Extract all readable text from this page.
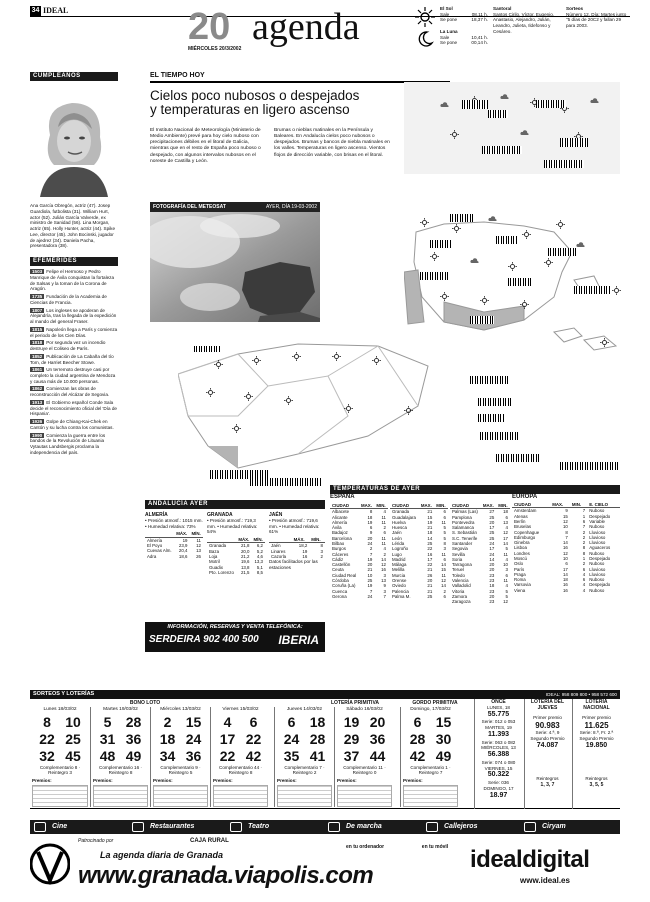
34 IDEAL	20 agenda
MIÉRCOLES 20/3/2002
El Sol
Sale	08,11 h.
Se pone	18,37 h.
La Luna
Sale	10,41 h.
Se pone	00,14 h.
Santoral
Santos Cirilo, Víctor, Eugenio, Anastasio, Alejandro, Julián, Leandro, Julieta, Ildefonso y Cesáreo.
Sorteos
Número 12. Día: Martes junto "5 días de 20C2 y fallan 29 para 2003.
CUMPLEAÑOS
Ana García Obregón, actriz (47). Josep Guardiola, futbolista (31). William Hurt, actor (52). Julián García Valverde, ex ministro de Sanidad (56). Lina Morgan, actriz (65). Holly Hunter, actriz (44). Spike Lee, director (45). John Bocinski, jugador de ajedrez (34). Daniela Pacha, presentadora (38).
EFEMÉRIDES
1503 Felipe el Hermoso y Pedro Manrique de Ávila conquistan la fortaleza de Salsas y la toman de la Corona de Aragón.
1735 Fundación de la Academia de Ciencias de Francia.
1807 Los ingleses se apoderan de Alejandría, tras la llegada de la expedición al mando del general Fraser.
1815 Napoleón llega a París y comienza el periodo de los Cien Días.
1818 Por segunda vez un incendio destruye el Coliseo de París.
1852 Publicación de La Cabaña del tío Tom, de Harriet Beecher Stowe.
1861 Un terremoto destruye casi por completo la ciudad argentina de Mendoza y causa más de 10.000 personas.
1862 Comienzan las obras de reconstrucción del Alcázar de Segovia.
1913 El Gobierno español Conde Sala decide el reconocimiento oficial del 'Día de Hispania'.
1926 Golpe de Chiang-Kai-Chek en Cantón y su lucha contra los comunistas.
1990 Comienza la guerra entre los bandos de la Revolución de Lituania Vytautas Landsbergis proclama la independencia del país.
EL TIEMPO HOY
Cielos poco nubosos o despejados y temperaturas en ligero ascenso
El Instituto Nacional de Meteorología (Ministerio de Medio Ambiente) prevé para hoy cielo nuboso con precipitaciones débiles en el litoral de Galicia, mientras que en el resto de España poco nuboso o despejado, con algunos intervalos nubosos en el noreste de Castilla y León.
Brumas o nieblas matinales en la Península y Baleares. En Andalucía cielos poco nubosos o despejados. Brumas y bancos de niebla matinales en los valles. Temperaturas en ligero ascenso. Vientos flojos de dirección variable, con brisas en el litoral.
FOTOGRAFÍA DEL METEOSAT	AYER, DÍA 19-03-2002
ANDALUCÍA AYER
ALMERÍA
• Presión atmosf.: 1015 mm. • Humedad relativa: 73%
	MÁX.	MÍN.
Almería	19	11
El Poyo	23,9	12
Cuevas Alm.	20,4	13
Adra	18,6	26
GRANADA
• Presión atmosf.: 719,3 mm. • Humedad relativa: 54%
	MÁX.	MÍN.
Granada	21,8	6,2
Baza	20,0	5,2
Loja	21,2	4,6
Motril	19,6	13,3
Guadix	13,8	5,1
Pto. Lorenzo	21,5	8,5
JAÉN
• Presión atmosf.: 719,6 mm. • Humedad relativa: 61%
	MÁX.	MÍN.
Jaén	18,2	8
Linares	19	3
Cazorla	16	2
Datos facilitados por las estaciones
INFORMACIÓN, RESERVAS Y VENTA TELEFÓNICA:
SERDEIRA 902 400 500 IBERIA
TEMPERATURAS DE AYER
ESPAÑA
CIUDAD	MAX.	MIN.
Albacete	8	4
Alicante	18	11
Almería	19	11
Ávila	6	2
Badajoz	9	6
Barcelona	20	11
Bilbao	24	11
Burgos	2	4
Cáceres	7	2
Cádiz	19	14
Castellón	20	12
Ceuta	21	16
Ciudad Real	10	3
Córdoba	25	13
Coruña (La)	19	9
Cuenca	7	3
Gerona	24	7
CIUDAD	MAX.	MIN.
Granada	21	6
Guadalajara	15	6
Huelva	19	11
Huesca	21	5
Jaén	18	5
León	14	5
Lérida	25	8
Logroño	22	3
Lugo	16	11
Madrid	17	6
Málaga	22	14
Melilla	21	15
Murcia	26	11
Orense	20	12
Oviedo	21	14
Palencia	21	2
Palma M.	25	6
CIUDAD	MAX.	MIN.
Palmas (Las)	27	18
Pamplona	25	6
Pontevedra	20	13
Salamanca	17	4
S. Sebastián	25	12
S.C. Tenerife	25	17
Santander	24	14
Segovia	17	5
Sevilla	24	11
Soria	14	4
Tarragona	20	10
Teruel	20	3
Toledo	23	6
Valencia	23	11
Valladolid	18	4
Vitoria	23	5
Zamora	20	5
Zaragoza	23	12
EUROPA
CIUDAD	MAX.	MIN.	E. CIELO
Amsterdam	9	7	Nuboso
Atenas	15	1	Despejado
Berlín	12	6	Variable
Bruselas	10	7	Nuboso
Copenhague	8	2	Lluvioso
Edimburgo	7	2	Lluvioso
Ginebra	14	2	Lluvioso
Lisboa	16	8	Aguaceros
Londres	12	8	Nuboso
Moscú	10	1	Despejado
Oslo	6	2	Nuboso
París	17	6	Lluvioso
Praga	14	4	Lluvioso
Roma	18	6	Nuboso
Varsovia	16	4	Despejado
Viena	16	4	Nuboso
SORTEOS Y LOTERÍAS	IDEAL: 958 809 800 • 958 572 600
BONO LOTO	LOTERÍA PRIMITIVA	GORDO PRIMITIVA
Lunes 18/03/02
8	10
22 25
32 45
Complementario 8 · Reintegro 3
Premios:
Martes 19/03/02
5	28
31 36
48 49
Complementario 16 · Reintegro 8
Premios:
Miércoles 13/03/02
2	15
18 24
34 36
Complementario 9 · Reintegro 5
Premios:
Viernes 15/03/02
4	6
17 22
22 42
Complementario 44 · Reintegro 8
Premios:
Jueves 14/03/02
6	18
24 28
35 41
Complementario 7 · Reintegro 2
Premios:
Sábado 16/03/02
19 20
29 36
37 44
Complementario 11 · Reintegro 0
Premios:
Domingo, 17/03/02
6	15
28 30
42 49
Complementario 1 · Reintegro 7
Premios:
ONCE
LUNES, 18
55.775
Serie: 012 o 053
MARTES, 19
11.393
Serie: 063 o 082
MIÉRCOLES, 13
56.388
Serie: 074 o 080
VIERNES, 15
50.322
Serie: 036
DOMINGO, 17
18.97
LOTERÍA DEL JUEVES
Primer premio
90.983
Serie: 4.ª, 9
Segundo Premio
74.087
Reintegros
1, 3, 7
LOTERÍA NACIONAL
Primer premio
11.625
Serie: 8.ª, Fr. 2.ª
Segundo Premio
19.850
Reintegros
3, 5, 5
Cine	Restaurantes	Teatro	De marcha	Callejeros	Ciryam
Patrocinado por	CAJA RURAL
La agenda diaria de Granada
www.granada.viapolis.com
en tu ordenador	en tu móvil idealdigital
www.ideal.es
